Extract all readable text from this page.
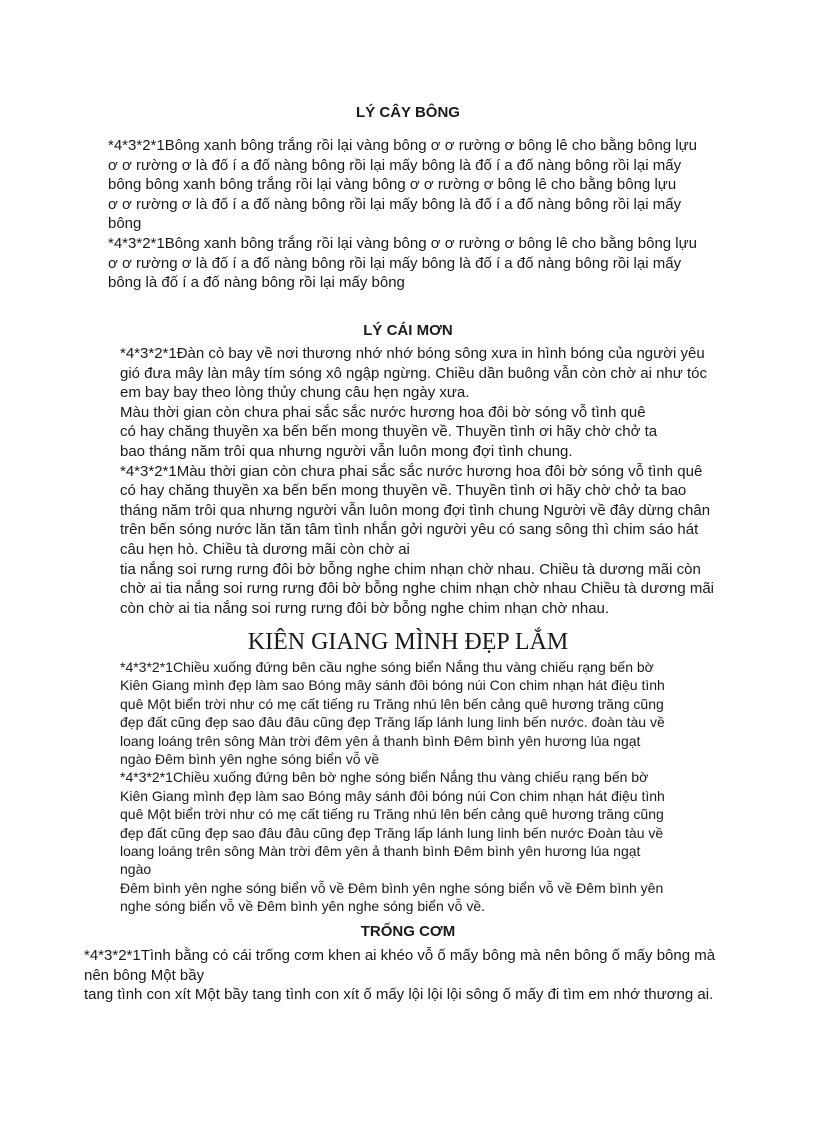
LÝ CÂY BÔNG
*4*3*2*1Bông xanh bông trắng rồi lại vàng bông ơ ơ rường ơ bông lê cho bằng bông lựu
ơ ơ rường ơ là đố í a đố nàng bông rồi lại mấy bông là đố í a đố nàng bông rồi lại mấy
bông bông xanh bông trắng rồi lại vàng bông ơ ơ rường ơ bông lê cho bằng bông lựu
ơ ơ rường ơ là đố í a đố nàng bông rồi lại mấy bông là đố í a đố nàng bông rồi lại mấy
bông
*4*3*2*1Bông xanh bông trắng rồi lại vàng bông ơ ơ rường ơ bông lê cho bằng bông lựu
ơ ơ rường ơ là đố í a đố nàng bông rồi lại mấy bông là đố í a đố nàng bông rồi lại mấy
bông là đố í a đố nàng bông rồi lại mấy bông
LÝ CÁI MƠN
*4*3*2*1Đàn cò bay về nơi thương nhớ nhớ bóng sông xưa in hình bóng của người yêu
gió đưa mây làn mây tím sóng xô ngập ngừng. Chiều dần buông vẫn còn chờ ai như tóc
em bay bay theo lòng thủy chung câu hẹn ngày xưa.
Màu thời gian còn chưa phai sắc sắc nước hương hoa đôi bờ sóng vỗ tình quê
có hay chăng thuyền xa bến bến mong thuyền về. Thuyền tình ơi hãy chờ chở ta
bao tháng năm trôi qua nhưng người vẫn luôn mong đợi tình chung.
*4*3*2*1Màu thời gian còn chưa phai sắc sắc nước hương hoa đôi bờ sóng vỗ tình quê
có hay chăng thuyền xa bến bến mong thuyền về. Thuyền tình ơi hãy chờ chở ta bao
tháng năm trôi qua nhưng người vẫn luôn mong đợi tình chung Người về đây dừng chân
trên bến sóng nước lăn tăn tâm tình nhắn gởi người yêu có sang sông thì chim sáo hát
câu hẹn hò. Chiều tà dương mãi còn chờ ai
tia nắng soi rưng rưng đôi bờ bỗng nghe chim nhạn chờ nhau. Chiều tà dương mãi còn
chờ ai tia nắng soi rưng rưng đôi bờ bỗng nghe chim nhạn chờ nhau Chiều tà dương mãi
còn chờ ai tia nắng soi rưng rưng đôi bờ bỗng nghe chim nhạn chờ nhau.
KIÊN GIANG MÌNH ĐẸP LẮM
*4*3*2*1Chiều xuống đứng bên cầu nghe sóng biển Nắng thu vàng chiếu rạng bến bờ
Kiên Giang mình đẹp làm sao Bóng mây sánh đôi bóng núi Con chim nhạn hát điệu tình
quê Một biển trời như có mẹ cất tiếng ru Trăng nhú lên bến cảng quê hương trăng cũng
đẹp đất cũng đẹp sao đâu đâu cũng đẹp Trăng lấp lánh lung linh bến nước. đoàn tàu về
loang loáng trên sông Màn trời đêm yên ả thanh bình Đêm bình yên hương lúa ngạt
ngào Đêm bình yên nghe sóng biển vỗ về
*4*3*2*1Chiều xuống đứng bên bờ nghe sóng biển Nắng thu vàng chiếu rạng bến bờ
Kiên Giang mình đẹp làm sao Bóng mây sánh đôi bóng núi Con chim nhạn hát điệu tình
quê Một biển trời như có mẹ cất tiếng ru Trăng nhú lên bến cảng quê hương trăng cũng
đẹp đất cũng đẹp sao đâu đâu cũng đẹp Trăng lấp lánh lung linh bến nước Đoàn tàu về
loang loáng trên sông Màn trời đêm yên ả thanh bình Đêm bình yên hương lúa ngạt
ngào
Đêm bình yên nghe sóng biển vỗ về Đêm bình yên nghe sóng biển vỗ về Đêm bình yên
nghe sóng biển vỗ về Đêm bình yên nghe sóng biển vỗ về.
TRỐNG CƠM
*4*3*2*1Tình bằng có cái trống cơm khen ai khéo vỗ ố mấy bông mà nên bông ố mấy bông mà
nên bông Một bầy
tang tình con xít Một bầy tang tình con xít ố mấy lội lội lội sông ố mấy đi tìm em nhớ thương ai.
